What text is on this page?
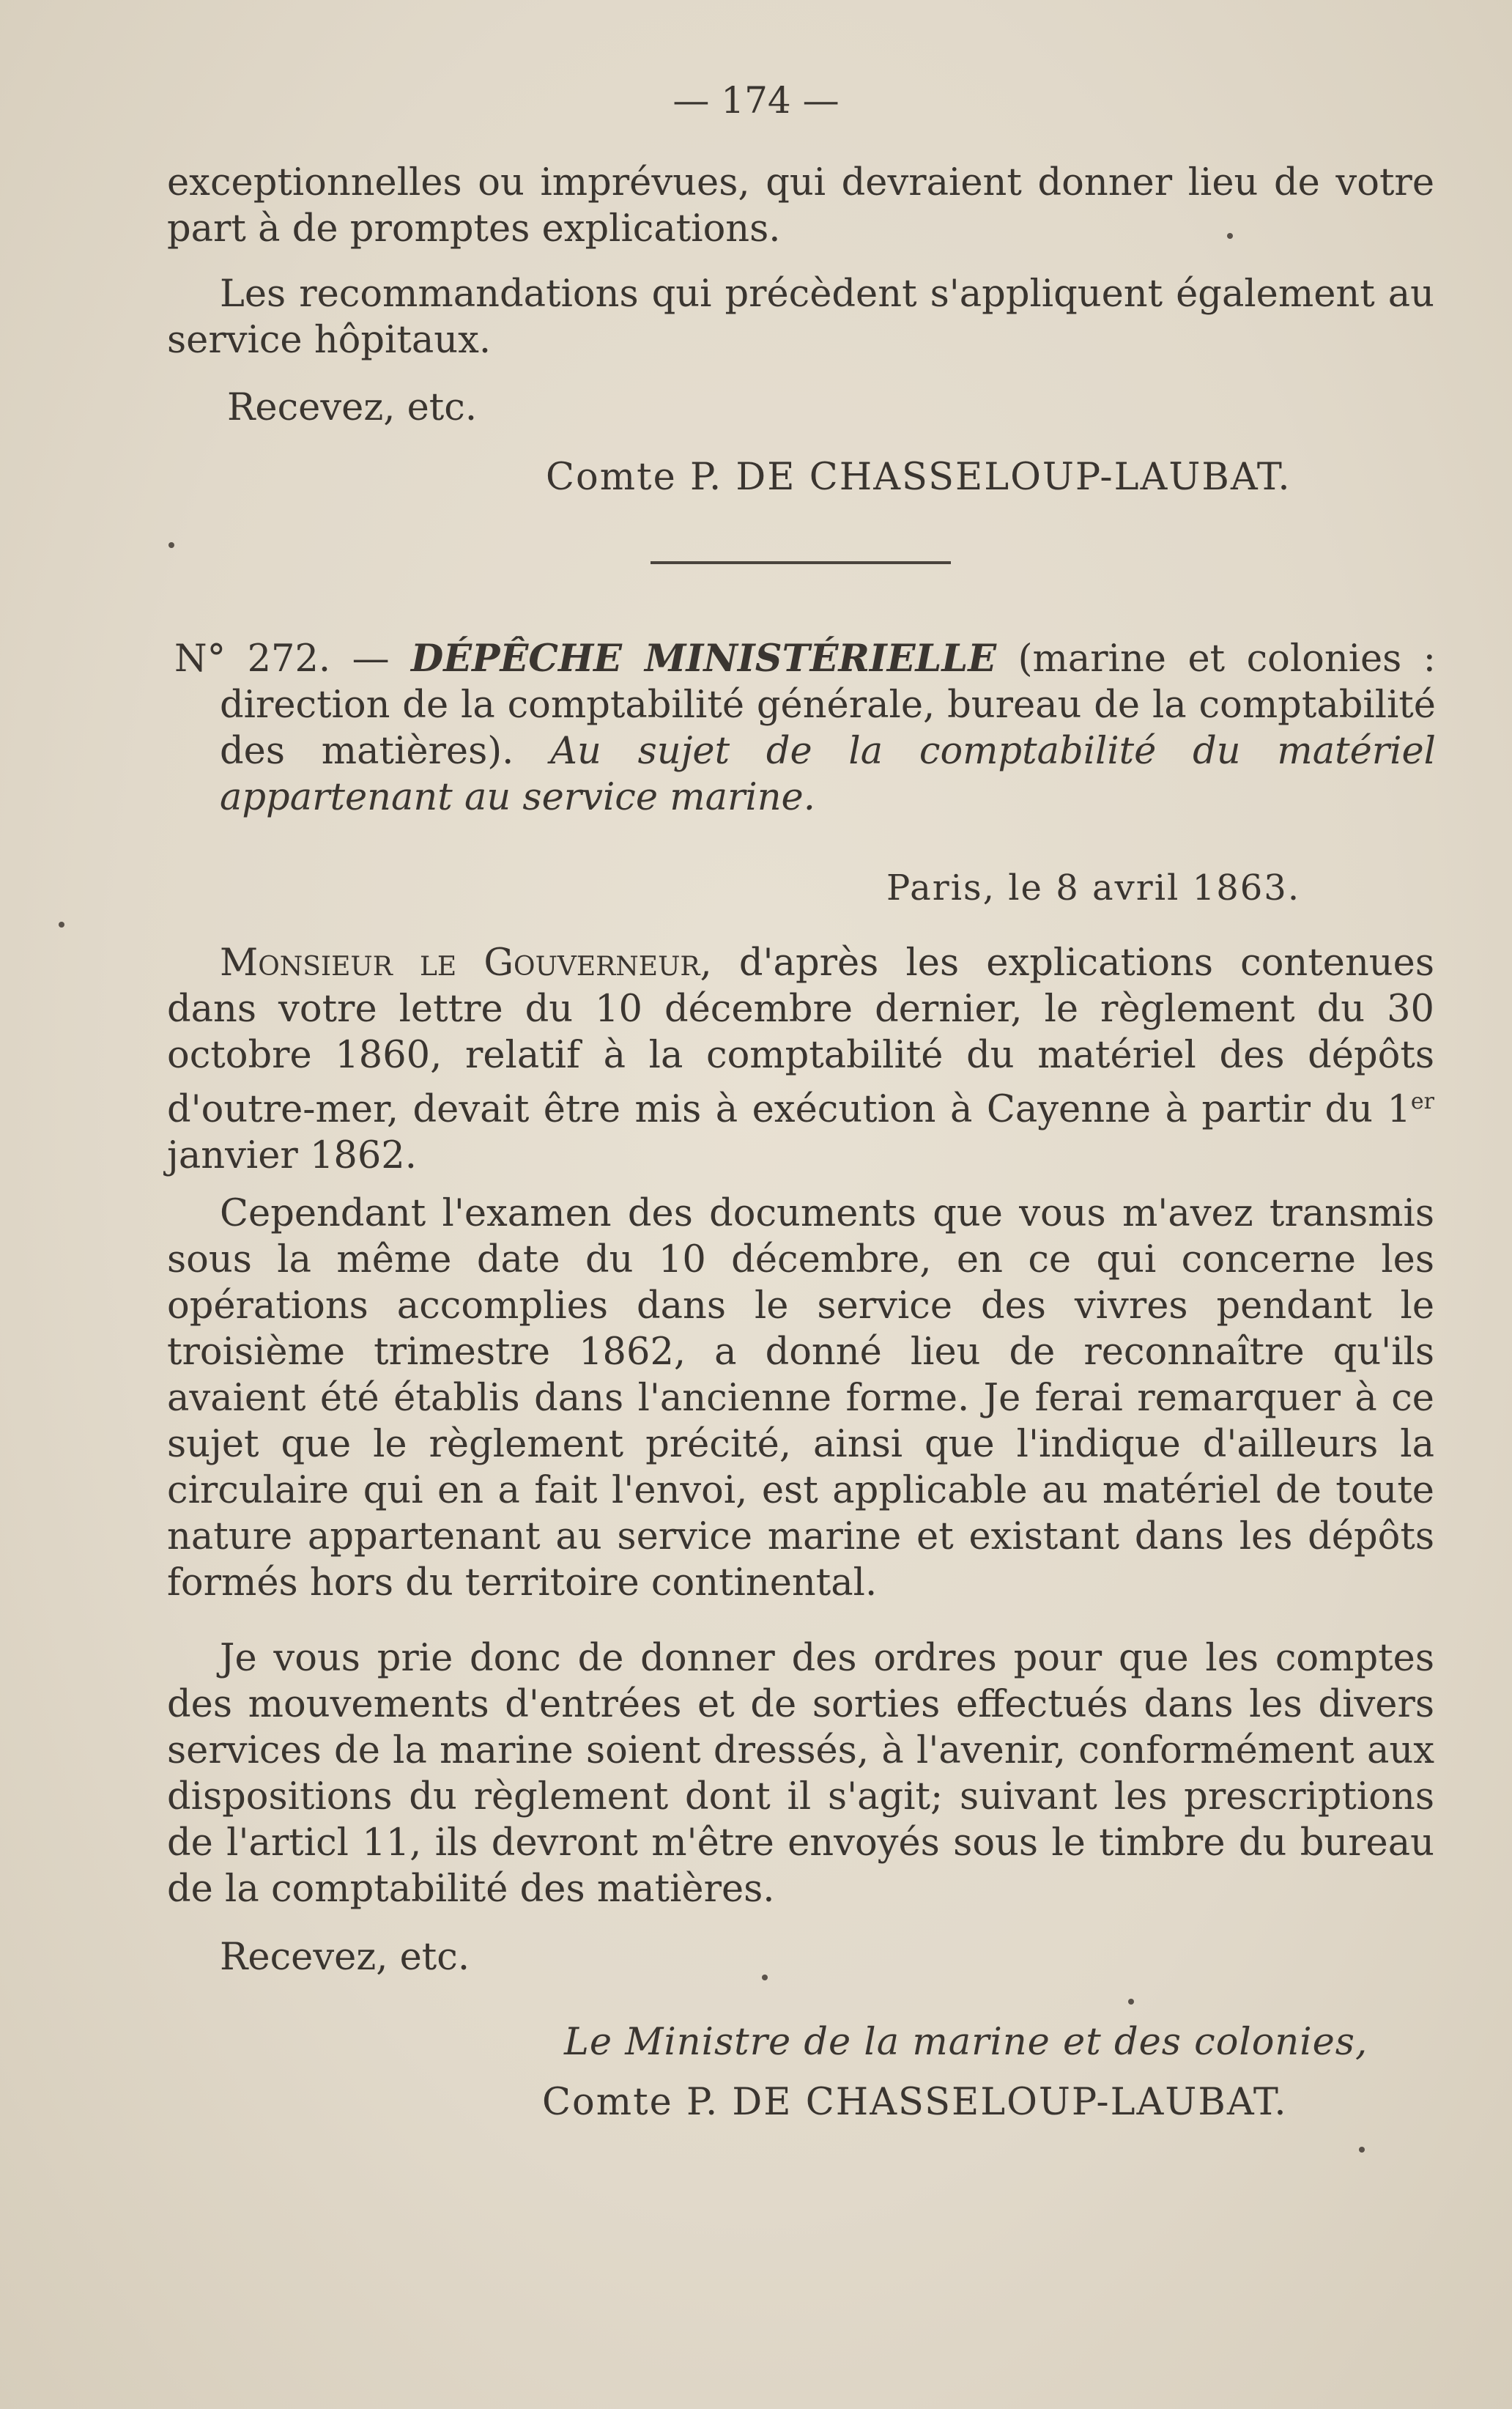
— 174 —

exceptionnelles ou imprévues, qui devraient donner lieu de votre part à de promptes explications.

Les recommandations qui précèdent s'appliquent également au service hôpitaux.

Recevez, etc.
Comte P. DE CHASSELOUP-LAUBAT.

N° 272. — DÉPÊCHE MINISTÉRIELLE (marine et colonies : direction de la comptabilité générale, bureau de la comptabilité des matières). Au sujet de la comptabilité du matériel appartenant au service marine.

Paris, le 8 avril 1863.

Monsieur le Gouverneur, d'après les explications contenues dans votre lettre du 10 décembre dernier, le règlement du 30 octobre 1860, relatif à la comptabilité du matériel des dépôts d'outre-mer, devait être mis à exécution à Cayenne à partir du 1er janvier 1862.

Cependant l'examen des documents que vous m'avez transmis sous la même date du 10 décembre, en ce qui concerne les opérations accomplies dans le service des vivres pendant le troisième trimestre 1862, a donné lieu de reconnaître qu'ils avaient été établis dans l'ancienne forme. Je ferai remarquer à ce sujet que le règlement précité, ainsi que l'indique d'ailleurs la circulaire qui en a fait l'envoi, est applicable au matériel de toute nature appartenant au service marine et existant dans les dépôts formés hors du territoire continental.

Je vous prie donc de donner des ordres pour que les comptes des mouvements d'entrées et de sorties effectués dans les divers services de la marine soient dressés, à l'avenir, conformément aux dispositions du règlement dont il s'agit; suivant les prescriptions de l'articl 11, ils devront m'être envoyés sous le timbre du bureau de la comptabilité des matières.

Recevez, etc.
Le Ministre de la marine et des colonies,
Comte P. DE CHASSELOUP-LAUBAT.
